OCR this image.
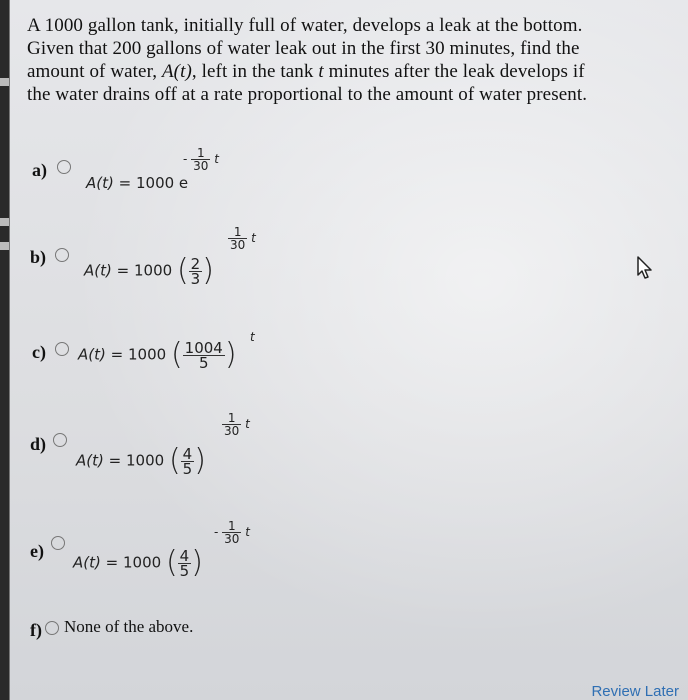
A 1000 gallon tank, initially full of water, develops a leak at the bottom.

Given that 200 gallons of water leak out in the first 30 minutes, find the

amount of water, A(t), left in the tank t minutes after the leak develops if

the water drains off at a rate proportional to the amount of water present.

a)
A(t) = 1000 e
- $\frac{1}{30}$ t
b)
A(t) = 1000 ( $\frac{2}{3}$ )
$\frac{1}{30}$ t
c) A(t) = 1000 ( $\frac{1004}{5}$ ) t
d)
A(t) = 1000 ( $\frac{4}{5}$ )
$\frac{1}{30}$ t
e)
A(t) = 1000 ( $\frac{4}{5}$ )
- $\frac{1}{30}$ t
f) None of the above.
Review Later
